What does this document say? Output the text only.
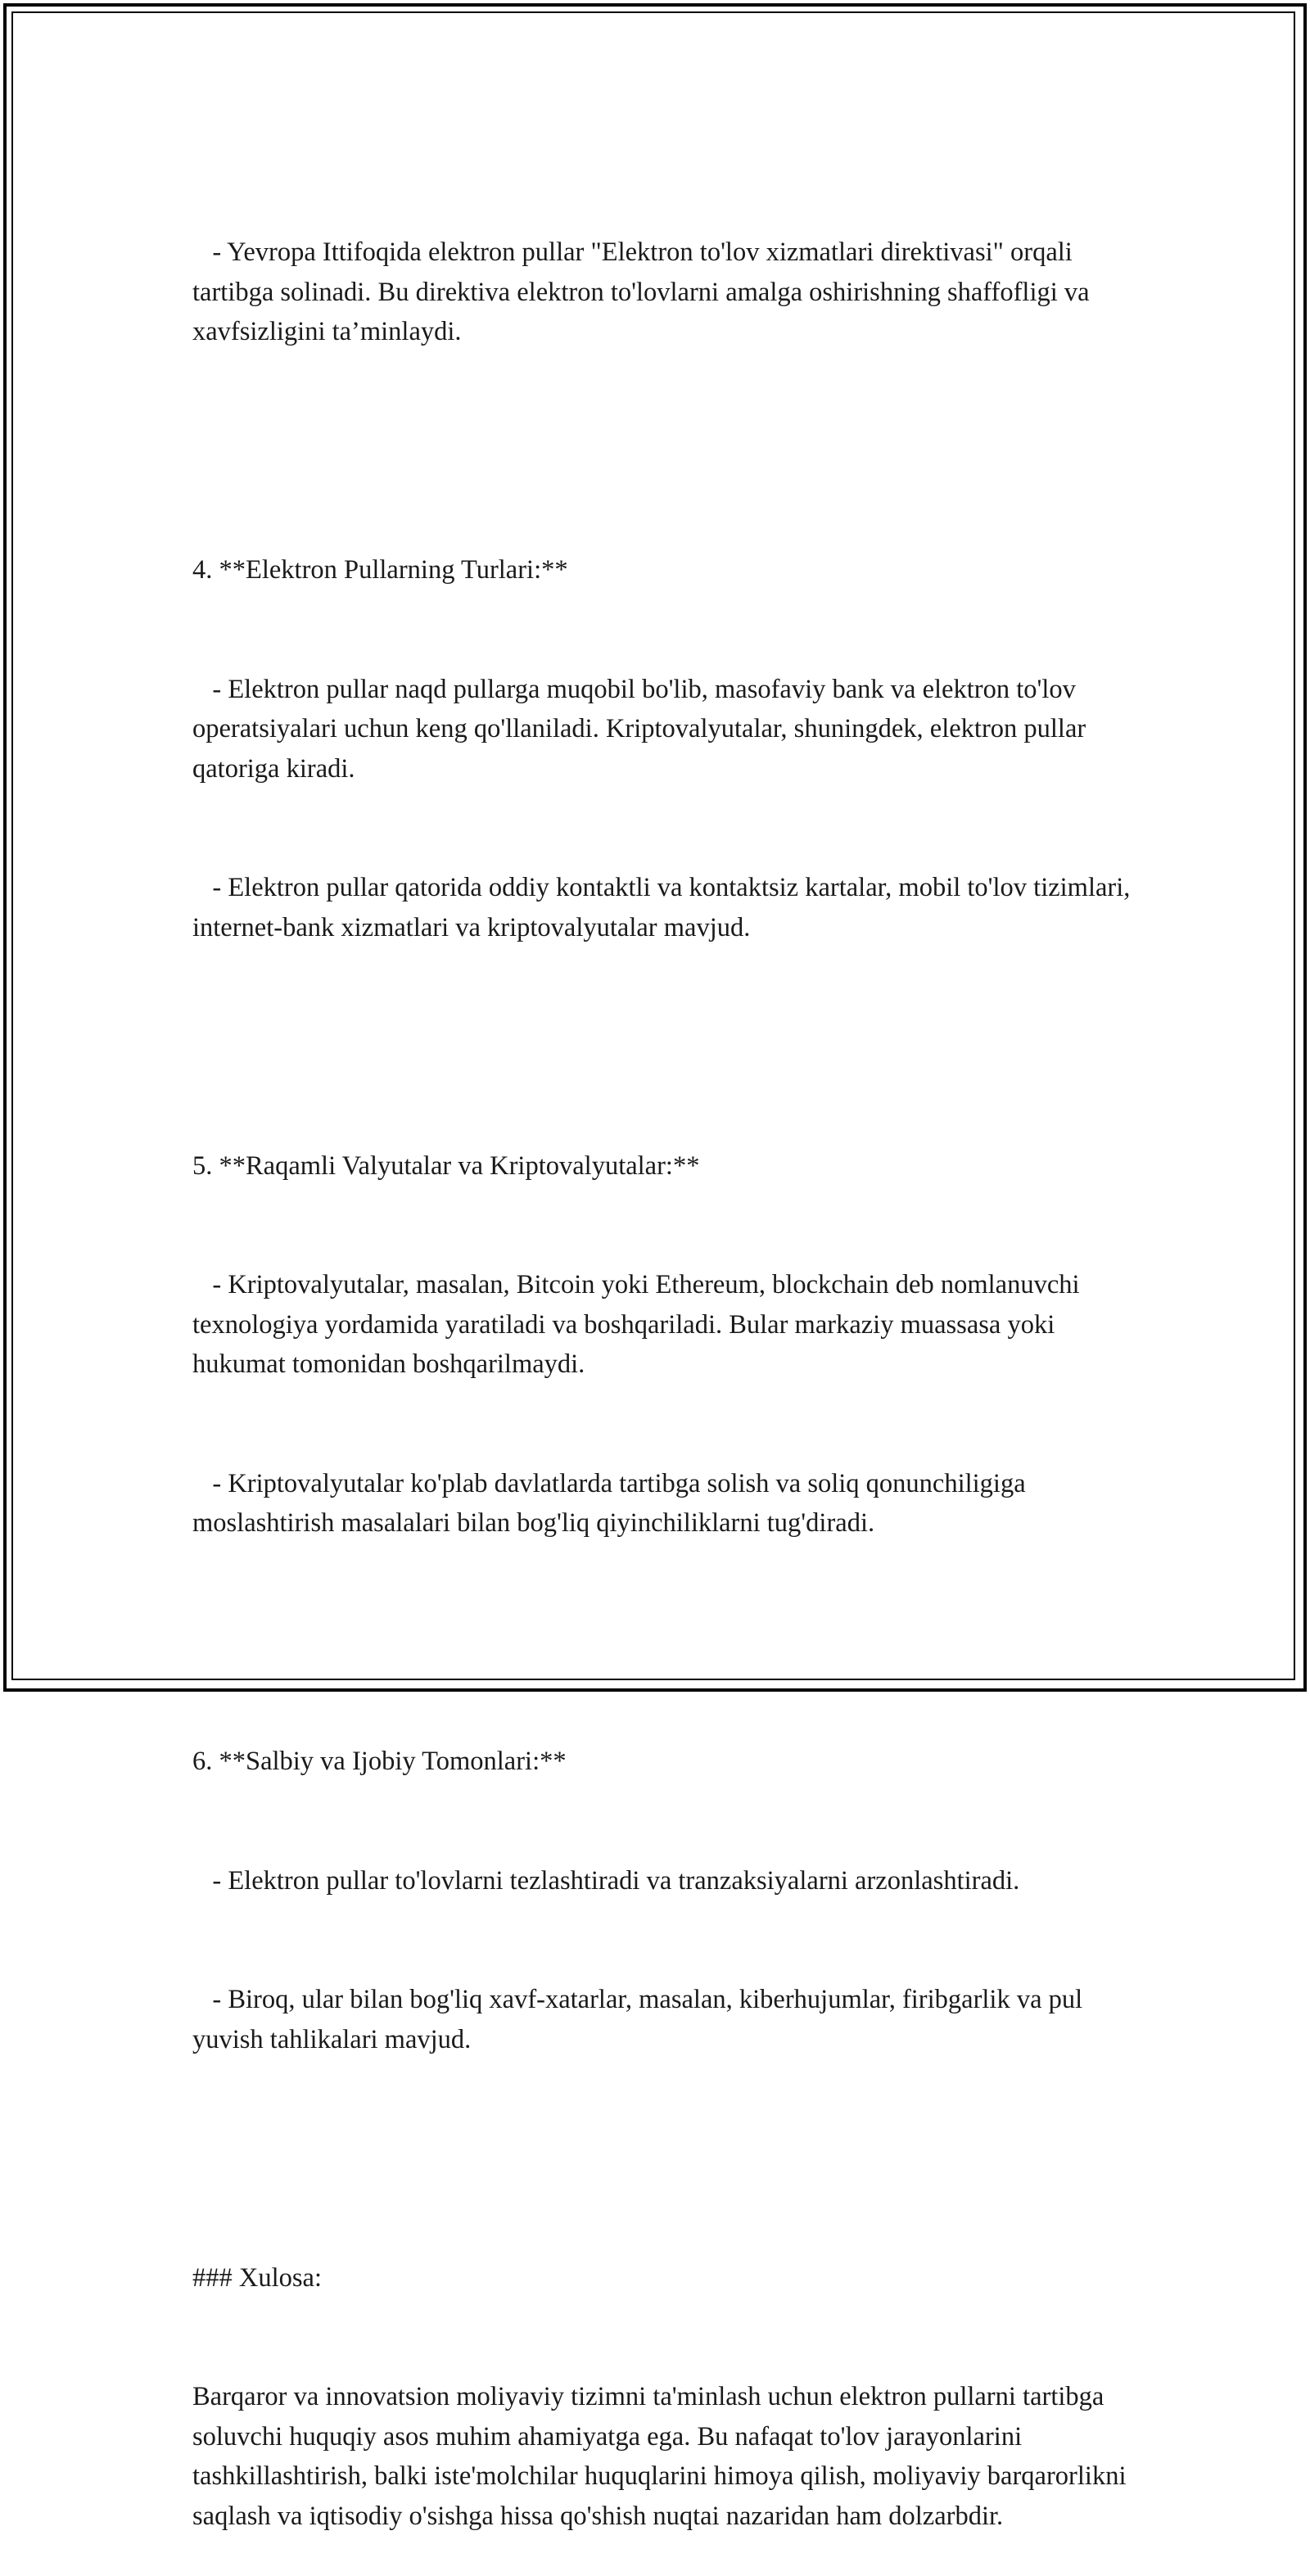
- Yevropa Ittifoqida elektron pullar "Elektron to'lov xizmatlari direktivasi" orqali tartibga solinadi. Bu direktiva elektron to'lovlarni amalga oshirishning shaffofligi va xavfsizligini ta’minlaydi.

4. **Elektron Pullarning Turlari:**

- Elektron pullar naqd pullarga muqobil bo'lib, masofaviy bank va elektron to'lov operatsiyalari uchun keng qo'llaniladi. Kriptovalyutalar, shuningdek, elektron pullar qatoriga kiradi.

- Elektron pullar qatorida oddiy kontaktli va kontaktsiz kartalar, mobil to'lov tizimlari, internet-bank xizmatlari va kriptovalyutalar mavjud.

5. **Raqamli Valyutalar va Kriptovalyutalar:**

- Kriptovalyutalar, masalan, Bitcoin yoki Ethereum, blockchain deb nomlanuvchi texnologiya yordamida yaratiladi va boshqariladi. Bular markaziy muassasa yoki hukumat tomonidan boshqarilmaydi.

- Kriptovalyutalar ko'plab davlatlarda tartibga solish va soliq qonunchiligiga moslashtirish masalalari bilan bog'liq qiyinchiliklarni tug'diradi.

6. **Salbiy va Ijobiy Tomonlari:**

- Elektron pullar to'lovlarni tezlashtiradi va tranzaksiyalarni arzonlashtiradi.

- Biroq, ular bilan bog'liq xavf-xatarlar, masalan, kiberhujumlar, firibgarlik va pul yuvish tahlikalari mavjud.

### Xulosa:

Barqaror va innovatsion moliyaviy tizimni ta'minlash uchun elektron pullarni tartibga soluvchi huquqiy asos muhim ahamiyatga ega. Bu nafaqat to'lov jarayonlarini tashkillashtirish, balki iste'molchilar huquqlarini himoya qilish, moliyaviy barqarorlikni saqlash va iqtisodiy o'sishga hissa qo'shish nuqtai nazaridan ham dolzarbdir.
